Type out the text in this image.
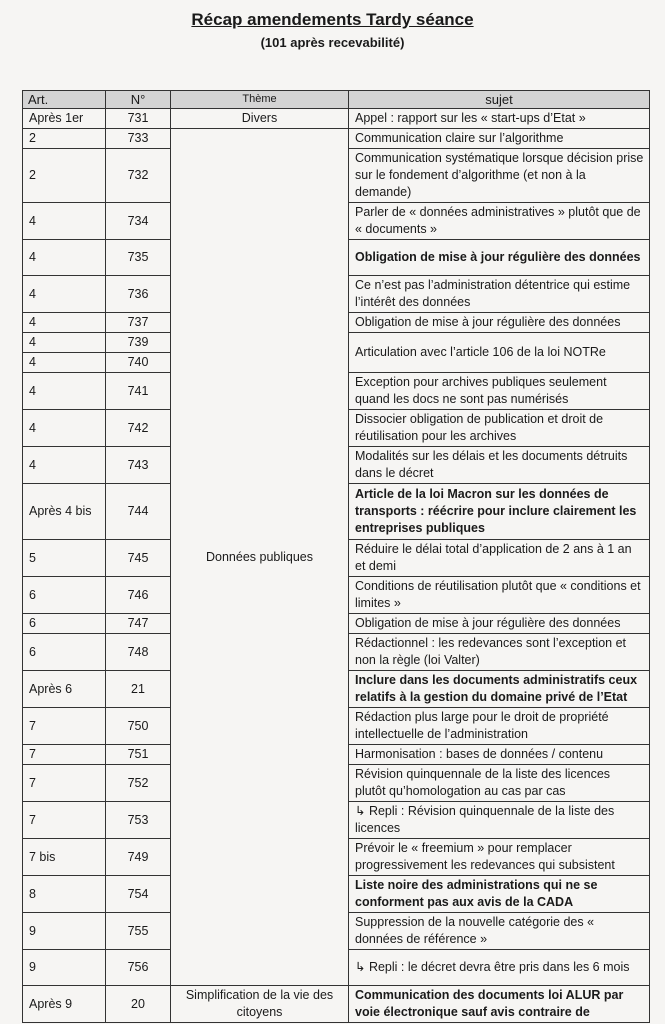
Récap amendements Tardy séance
(101 après recevabilité)
Art.	N°	Thème	sujet
Après 1er	731	Divers	Appel : rapport sur les « start-ups d’Etat »
2	733	Données publiques	Communication claire sur l’algorithme
2	732		Communication systématique lorsque décision prise sur le fondement d’algorithme (et non à la demande)
4	734		Parler de « données administratives » plutôt que de « documents »
4	735		Obligation de mise à jour régulière des données
4	736		Ce n’est pas l’administration détentrice qui estime l’intérêt des données
4	737		Obligation de mise à jour régulière des données
4	739		Articulation avec l’article 106 de la loi NOTRe
4	740		
4	741		Exception pour archives publiques seulement quand les docs ne sont pas numérisés
4	742		Dissocier obligation de publication et droit de réutilisation pour les archives
4	743		Modalités sur les délais et les documents détruits dans le décret
Après 4 bis	744		Article de la loi Macron sur les données de transports : réécrire pour inclure clairement les entreprises publiques
5	745		Réduire le délai total d’application de 2 ans à 1 an et demi
6	746		Conditions de réutilisation plutôt que « conditions et limites »
6	747		Obligation de mise à jour régulière des données
6	748		Rédactionnel : les redevances sont l’exception et non la règle (loi Valter)
Après 6	21		Inclure dans les documents administratifs ceux relatifs à la gestion du domaine privé de l’Etat
7	750		Rédaction plus large pour le droit de propriété intellectuelle de l’administration
7	751		Harmonisation : bases de données / contenu
7	752		Révision quinquennale de la liste des licences plutôt qu’homologation au cas par cas
7	753		↳ Repli : Révision quinquennale de la liste des licences
7 bis	749		Prévoir le « freemium » pour remplacer progressivement les redevances qui subsistent
8	754		Liste noire des administrations qui ne se conforment pas aux avis de la CADA
9	755		Suppression de la nouvelle catégorie des « données de référence »
9	756		↳ Repli : le décret devra être pris dans les 6 mois
Après 9	20	Simplification de la vie des citoyens	Communication des documents loi ALUR par voie électronique sauf avis contraire de
